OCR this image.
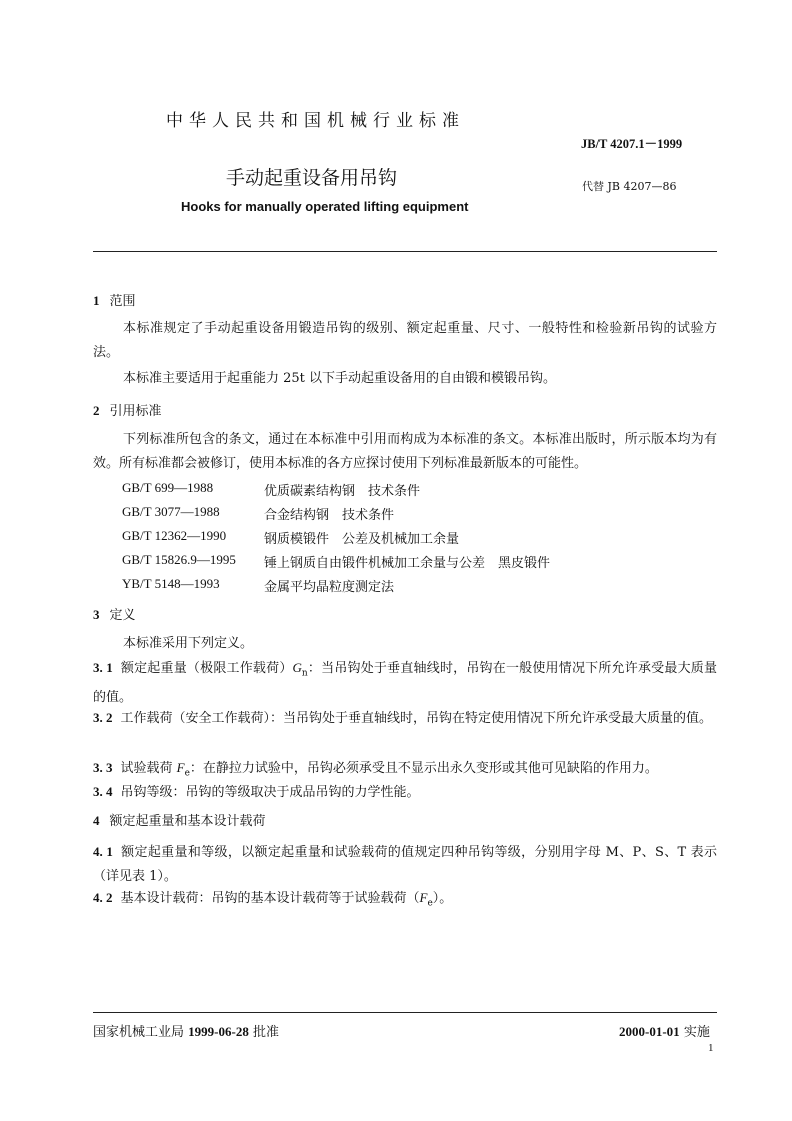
中华人民共和国机械行业标准
JB/T 4207.1－1999
手动起重设备用吊钩	代替 JB 4207—86
Hooks for manually operated lifting equipment
1 范围
本标准规定了手动起重设备用锻造吊钩的级别、额定起重量、尺寸、一般特性和检验新吊钩的试验方法。
本标准主要适用于起重能力 25t 以下手动起重设备用的自由锻和模锻吊钩。
2 引用标准
下列标准所包含的条文，通过在本标准中引用而构成为本标准的条文。本标准出版时，所示版本均为有效。所有标准都会被修订，使用本标准的各方应探讨使用下列标准最新版本的可能性。
GB/T 699—1988	优质碳素结构钢　技术条件
GB/T 3077—1988	合金结构钢　技术条件
GB/T 12362—1990	钢质模锻件　公差及机械加工余量
GB/T 15826.9—1995 锤上钢质自由锻件机械加工余量与公差　黑皮锻件
YB/T 5148—1993	金属平均晶粒度测定法
3 定义
本标准采用下列定义。
3. 1 额定起重量（极限工作载荷）$G_n$：当吊钩处于垂直轴线时，吊钩在一般使用情况下所允许承受最大质量的值。
3. 2 工作载荷（安全工作载荷）：当吊钩处于垂直轴线时，吊钩在特定使用情况下所允许承受最大质量的值。
3. 3 试验载荷 $F_e$：在静拉力试验中，吊钩必须承受且不显示出永久变形或其他可见缺陷的作用力。
3. 4 吊钩等级：吊钩的等级取决于成品吊钩的力学性能。
4 额定起重量和基本设计载荷
4. 1 额定起重量和等级，以额定起重量和试验载荷的值规定四种吊钩等级，分别用字母 M、P、S、T 表示（详见表 1）。
4. 2 基本设计载荷：吊钩的基本设计载荷等于试验载荷$(F_e)$。
国家机械工业局 1999-06-28 批准	2000-01-01 实施
1
